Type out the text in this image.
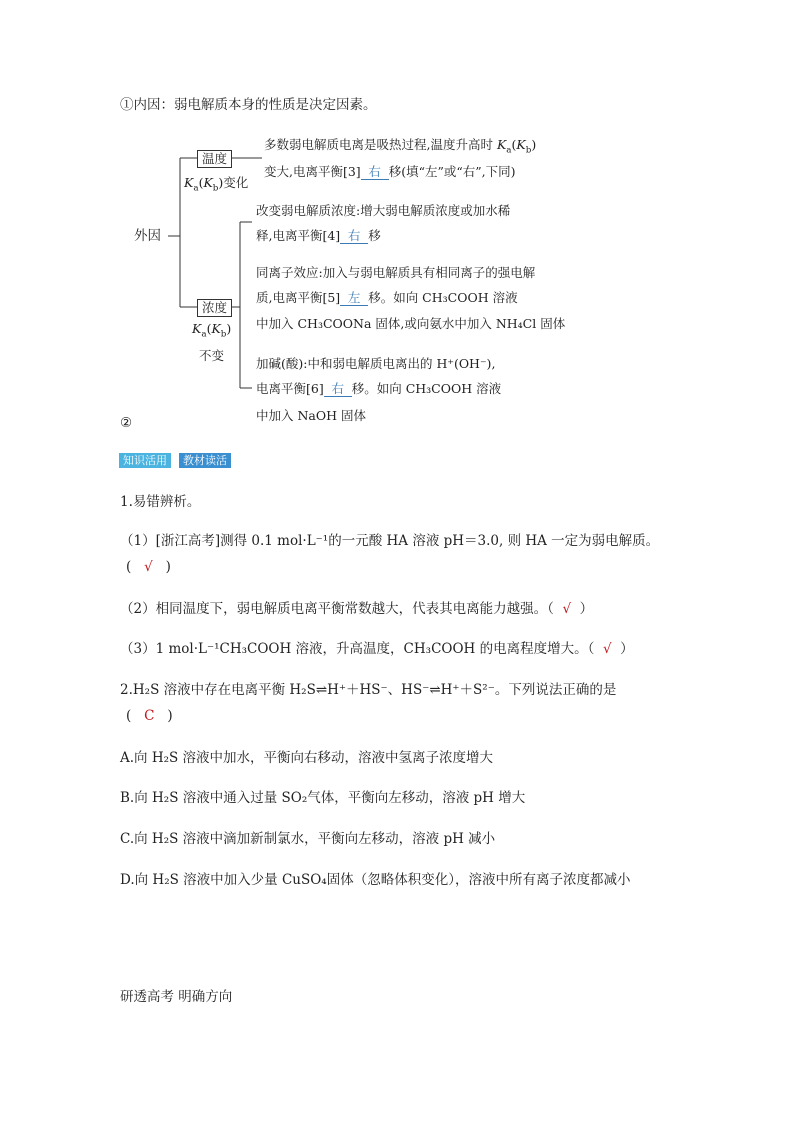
①内因：弱电解质本身的性质是决定因素。
外因
温度
$K_a(K_b)$变化
多数弱电解质电离是吸热过程,温度升高时 $K_a(K_b)$
变大,电离平衡[3] 右 移(填“左”或“右”,下同)
浓度
$K_a(K_b)$
不变
改变弱电解质浓度:增大弱电解质浓度或加水稀
释,电离平衡[4] 右 移
同离子效应:加入与弱电解质具有相同离子的强电解
质,电离平衡[5] 左 移。如向 CH₃COOH 溶液
中加入 CH₃COONa 固体,或向氨水中加入 NH₄Cl 固体
加碱(酸):中和弱电解质电离出的 H⁺(OH⁻),
电离平衡[6] 右 移。如向 CH₃COOH 溶液
中加入 NaOH 固体
②
知识活用	教材读活
1.易错辨析。
（1）[浙江高考]测得 0.1 mol·L⁻¹的一元酸 HA 溶液 pH＝3.0, 则 HA 一定为弱电解质。
(   √   )
（2）相同温度下，弱电解质电离平衡常数越大，代表其电离能力越强。（  √  ）
（3）1 mol·L⁻¹CH₃COOH 溶液，升高温度，CH₃COOH 的电离程度增大。（  √  ）
2.H₂S 溶液中存在电离平衡 H₂S⇌H⁺＋HS⁻、HS⁻⇌H⁺＋S²⁻。下列说法正确的是
(   C   )
A.向 H₂S 溶液中加水，平衡向右移动，溶液中氢离子浓度增大
B.向 H₂S 溶液中通入过量 SO₂气体，平衡向左移动，溶液 pH 增大
C.向 H₂S 溶液中滴加新制氯水，平衡向左移动，溶液 pH 减小
D.向 H₂S 溶液中加入少量 CuSO₄固体（忽略体积变化），溶液中所有离子浓度都减小
研透高考 明确方向
